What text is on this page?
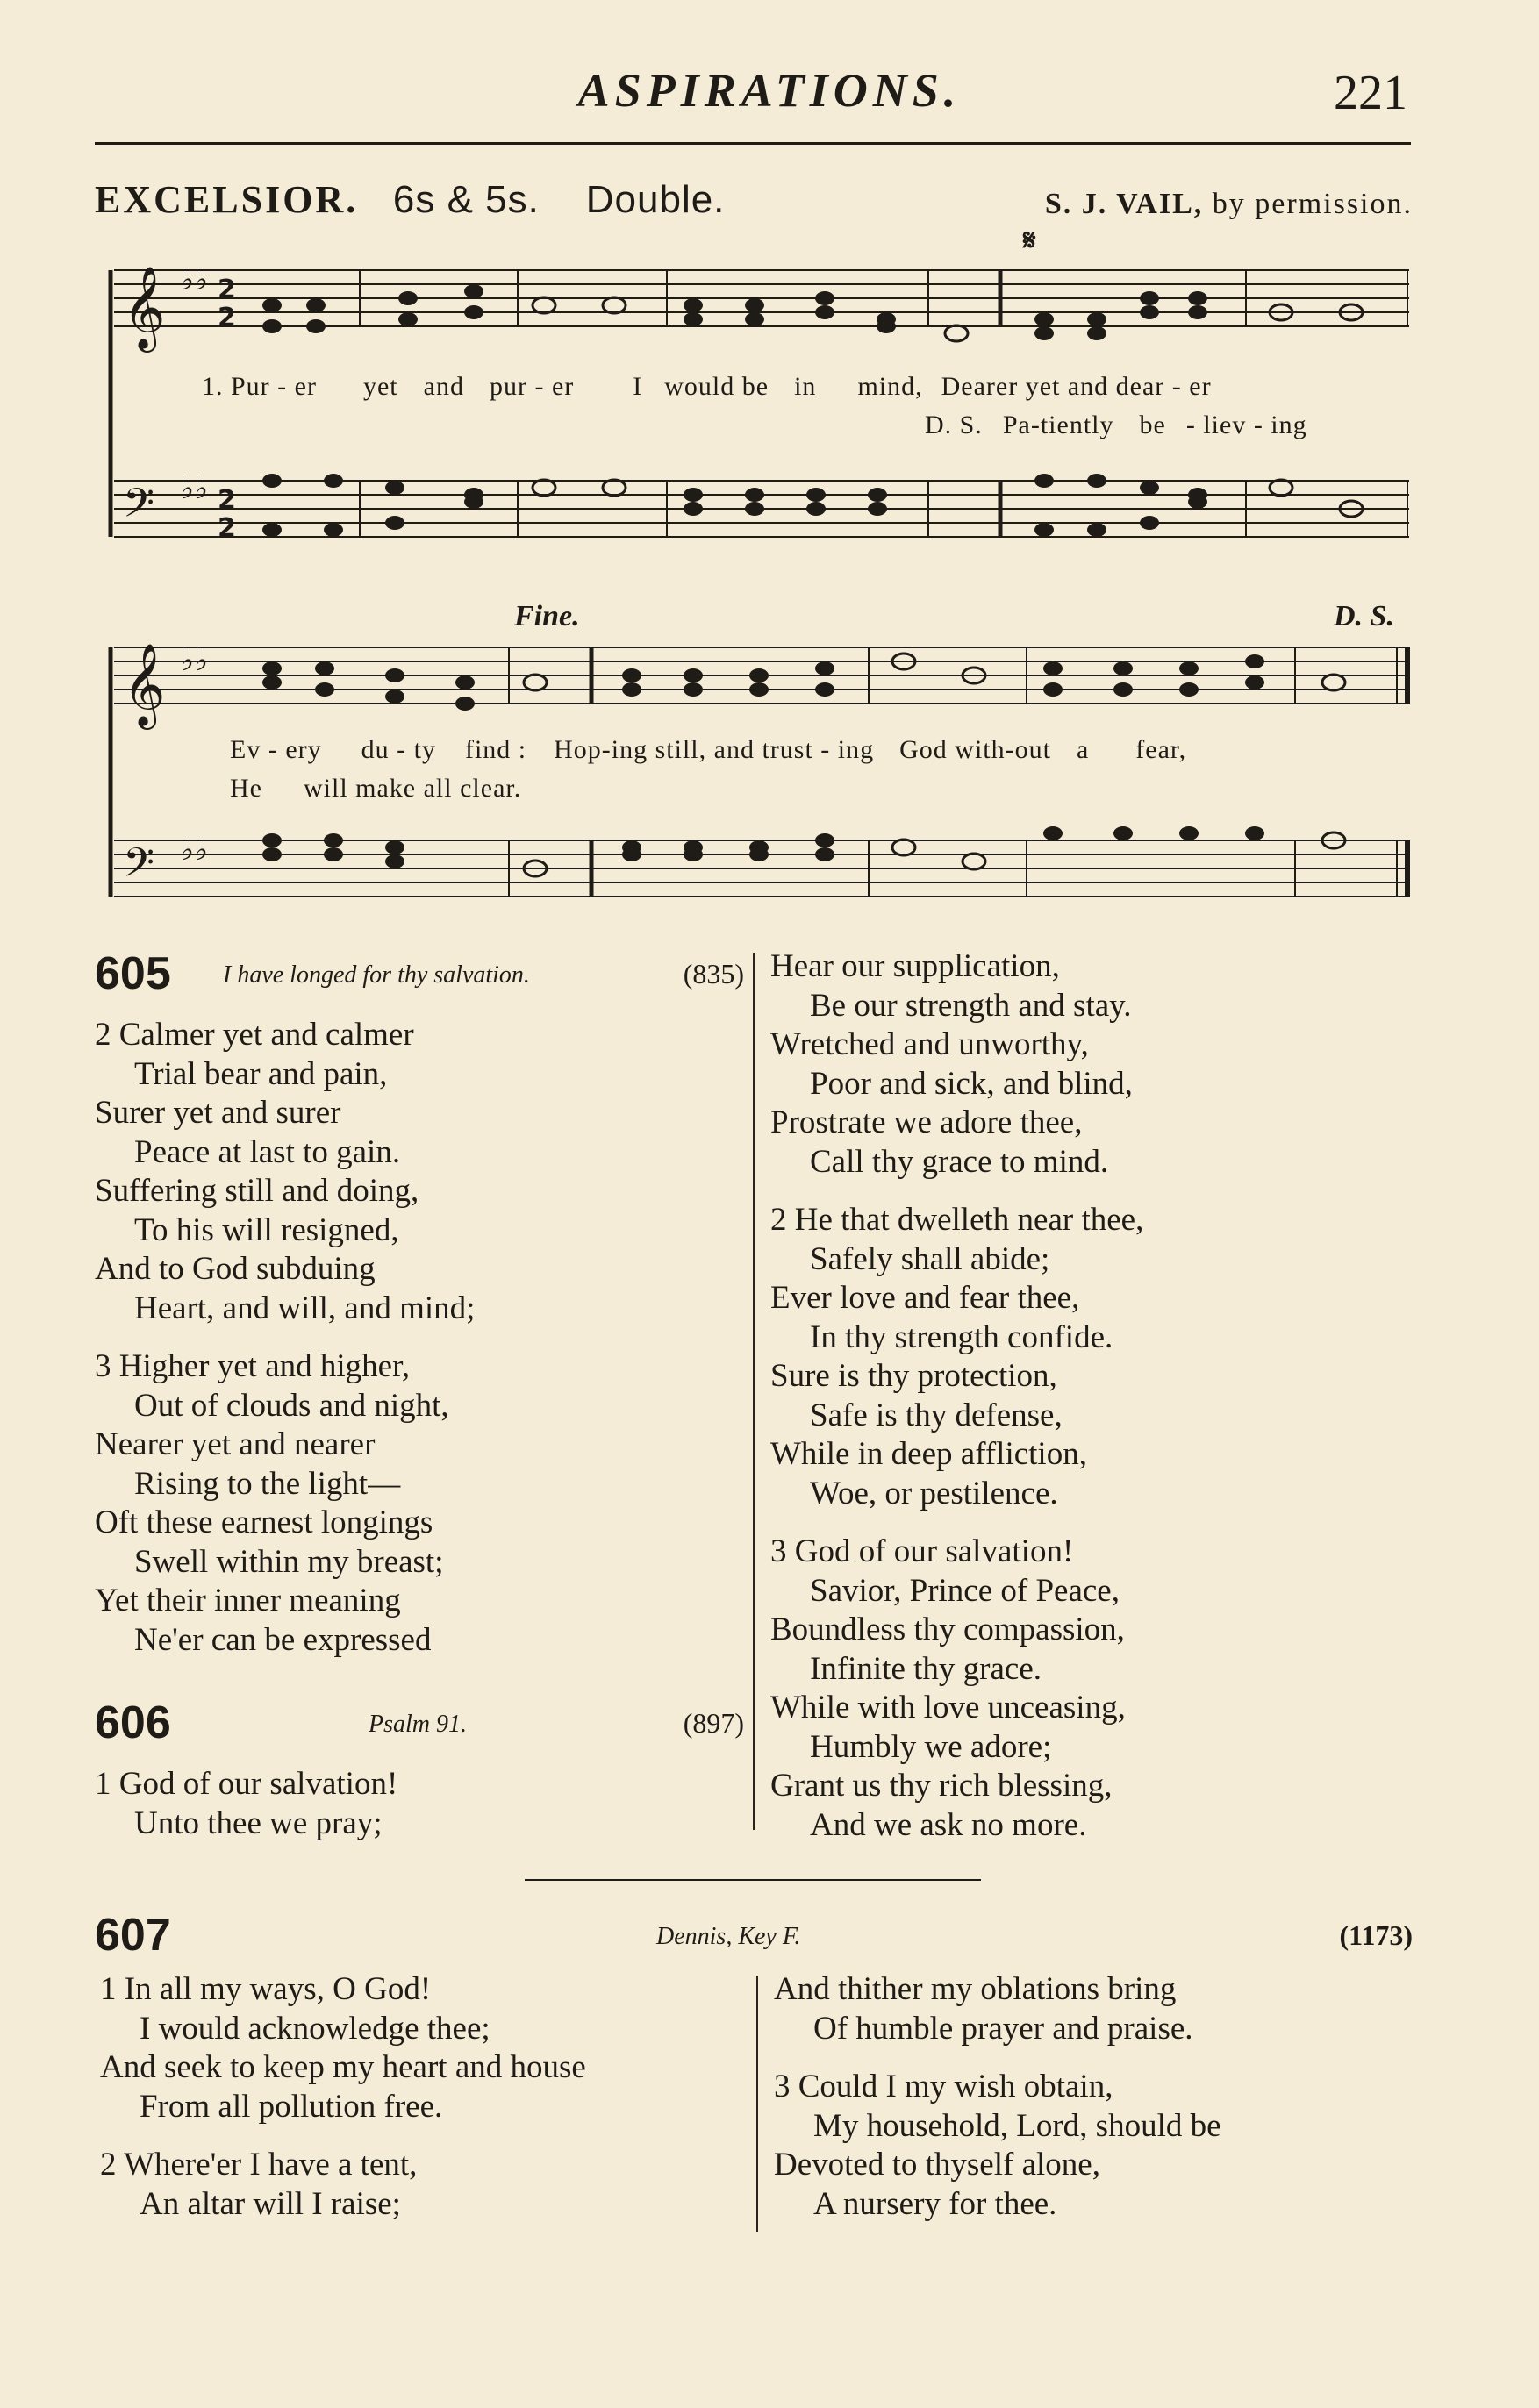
ASPIRATIONS.	221
EXCELSIOR. 6s & 5s. Double.	S. J. VAIL, by permission.
𝄞
𝄢
𝄞
𝄢
♭♭
♭♭
♭♭
♭♭
2
2
2
2
𝄋
1. Pur - er yet and pur - er I would be in mind, Dearer yet and dear - er
D. S. Pa-tiently be - liev - ing
Fine.	D. S.
Ev - ery du - ty find : Hop-ing still, and trust - ing God with-out a fear,
He will make all clear.
605 I have longed for thy salvation.	(835)
2 Calmer yet and calmer
Trial bear and pain,
Surer yet and surer
Peace at last to gain.
Suffering still and doing,
To his will resigned,
And to God subduing
Heart, and will, and mind;
3 Higher yet and higher,
Out of clouds and night,
Nearer yet and nearer
Rising to the light—
Oft these earnest longings
Swell within my breast;
Yet their inner meaning
Ne'er can be expressed
606	Psalm 91.	(897)
1 God of our salvation!
Unto thee we pray;
Hear our supplication,
Be our strength and stay.
Wretched and unworthy,
Poor and sick, and blind,
Prostrate we adore thee,
Call thy grace to mind.
2 He that dwelleth near thee,
Safely shall abide;
Ever love and fear thee,
In thy strength confide.
Sure is thy protection,
Safe is thy defense,
While in deep affliction,
Woe, or pestilence.
3 God of our salvation!
Savior, Prince of Peace,
Boundless thy compassion,
Infinite thy grace.
While with love unceasing,
Humbly we adore;
Grant us thy rich blessing,
And we ask no more.
607	Dennis, Key F.	(1173)
1 In all my ways, O God!
I would acknowledge thee;
And seek to keep my heart and house
From all pollution free.
2 Where'er I have a tent,
An altar will I raise;
And thither my oblations bring
Of humble prayer and praise.
3 Could I my wish obtain,
My household, Lord, should be
Devoted to thyself alone,
A nursery for thee.
